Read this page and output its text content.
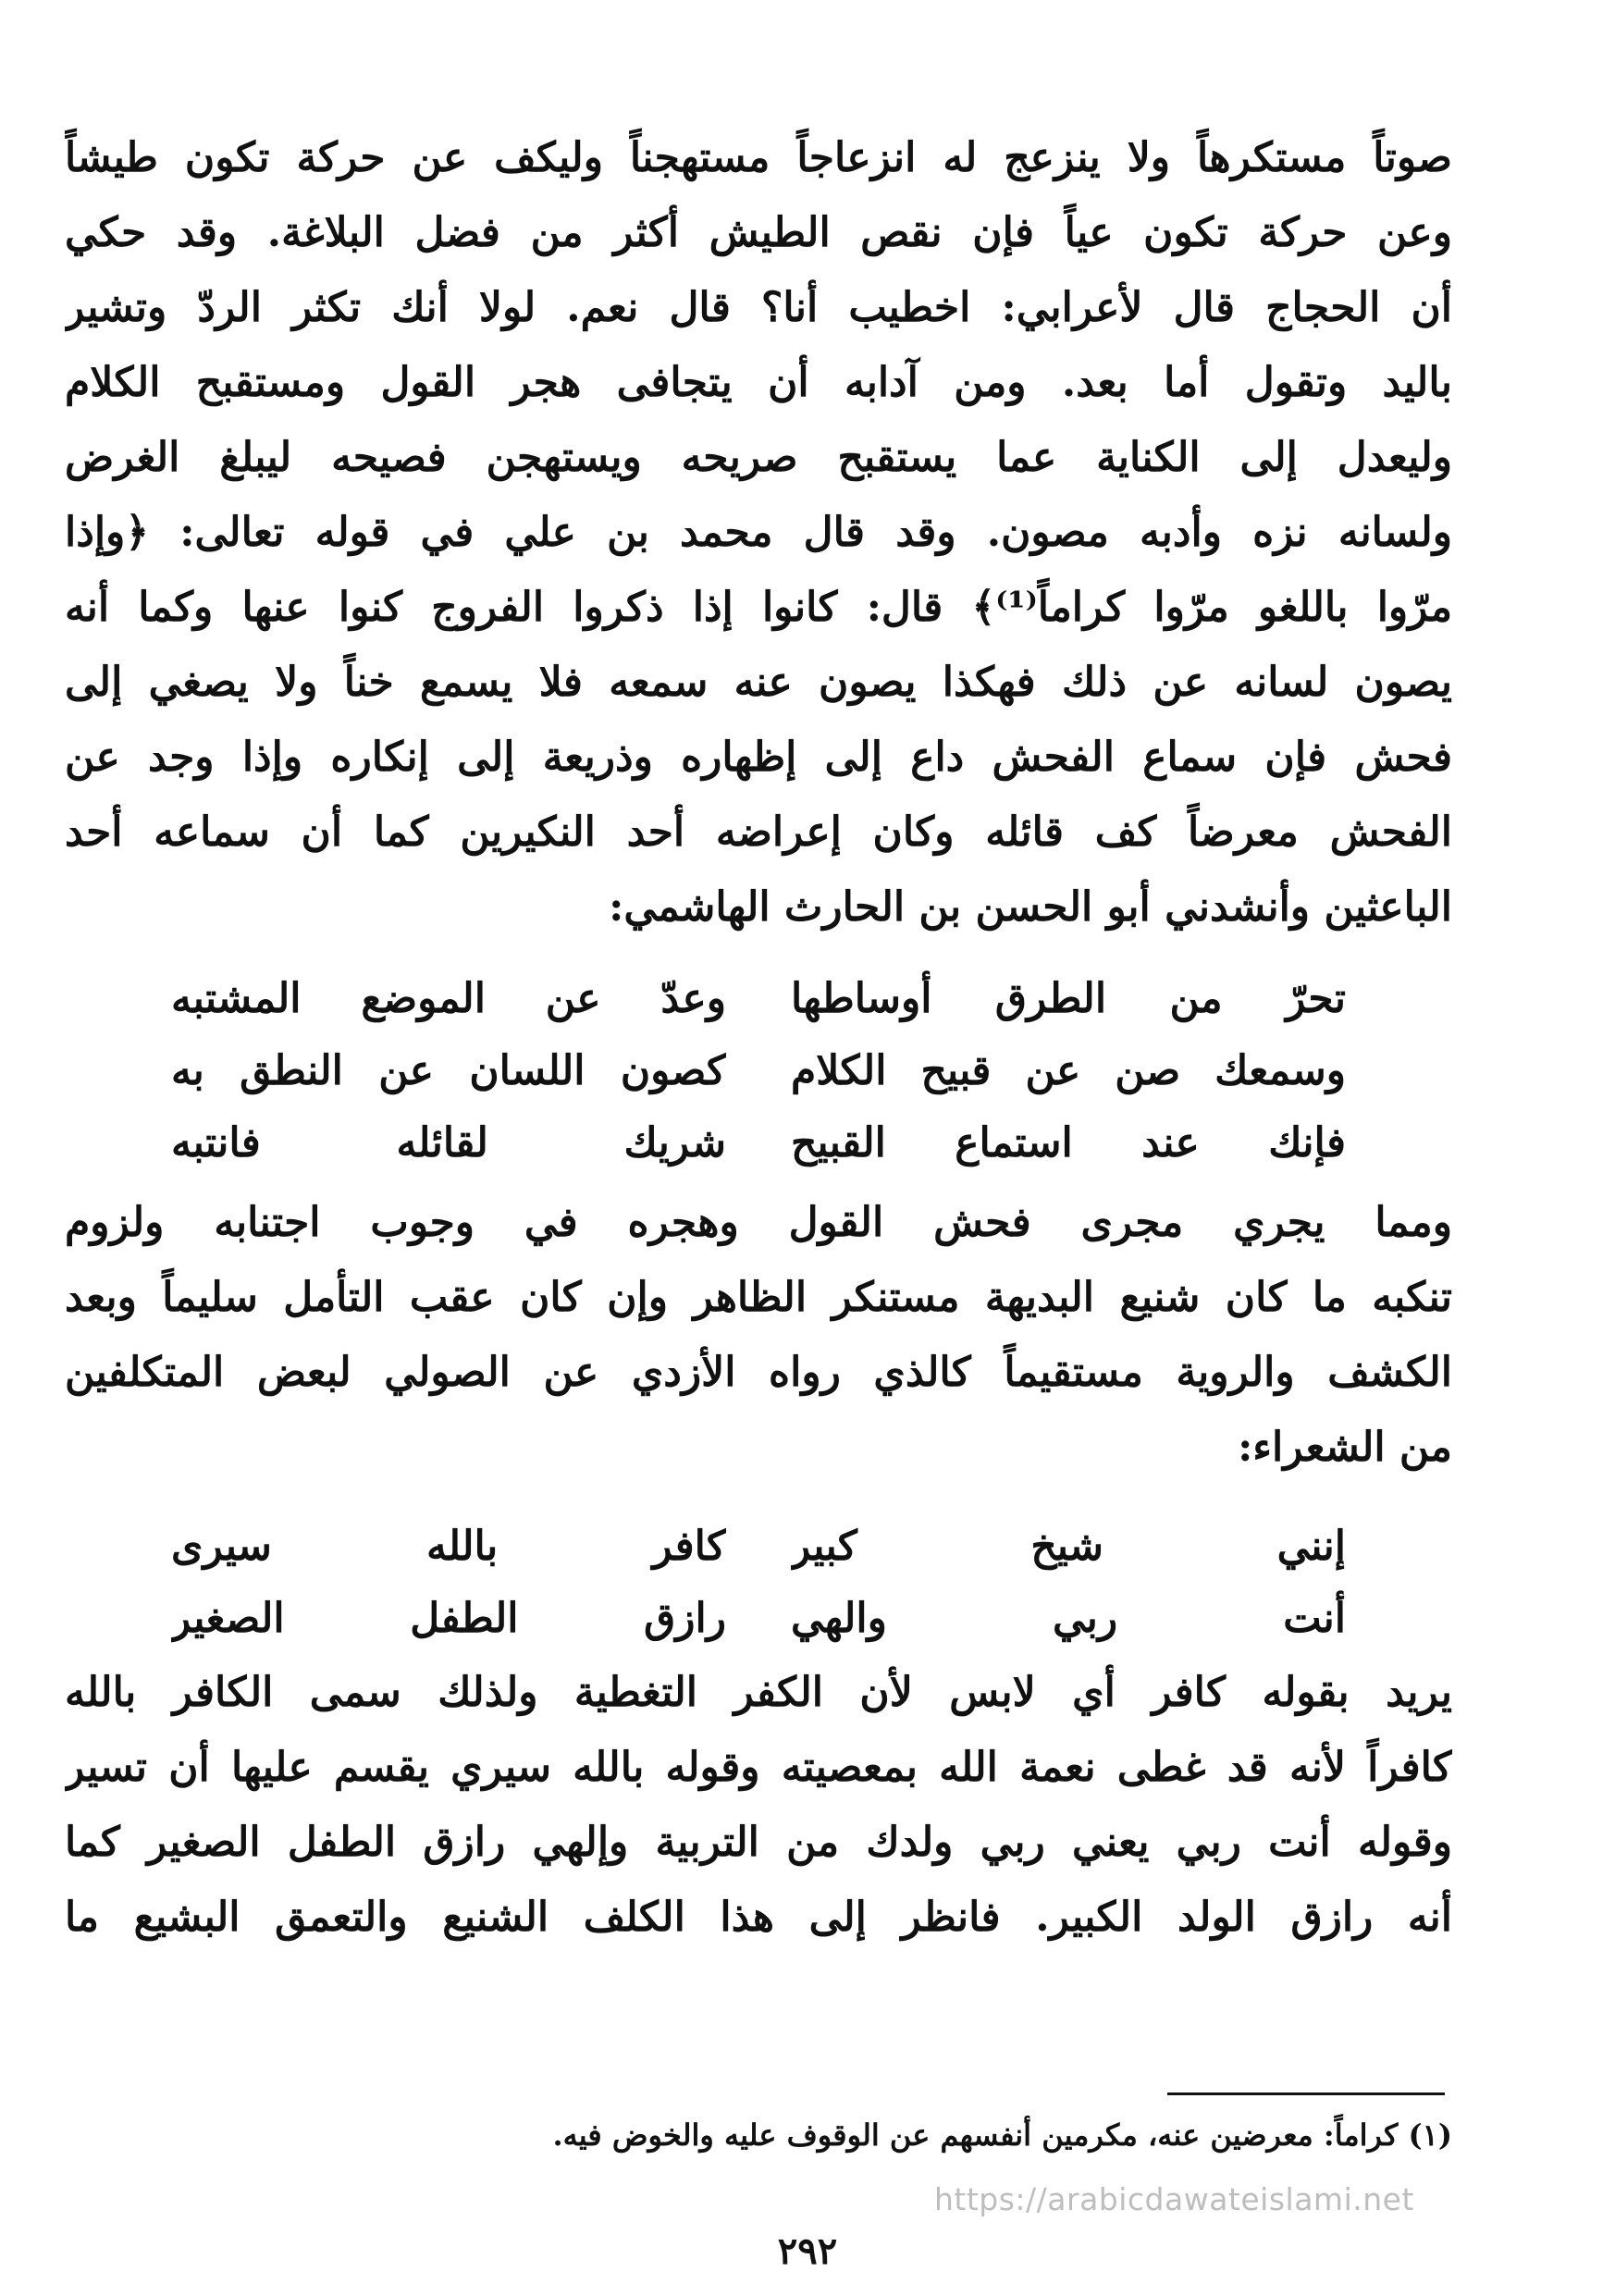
صوتاً مستكرهاً ولا ينزعج له انزعاجاً مستهجناً وليكف عن حركة تكون طيشاً
وعن حركة تكون عياً فإن نقص الطيش أكثر من فضل البلاغة. وقد حكي
أن الحجاج قال لأعرابي: اخطيب أنا؟ قال نعم. لولا أنك تكثر الردّ وتشير
باليد وتقول أما بعد. ومن آدابه أن يتجافى هجر القول ومستقبح الكلام
وليعدل إلى الكناية عما يستقبح صريحه ويستهجن فصيحه ليبلغ الغرض
ولسانه نزه وأدبه مصون. وقد قال محمد بن علي في قوله تعالى: ﴿وإذا
مرّوا باللغو مرّوا كراماً⁽¹⁾﴾ قال: كانوا إذا ذكروا الفروج كنوا عنها وكما أنه
يصون لسانه عن ذلك فهكذا يصون عنه سمعه فلا يسمع خناً ولا يصغي إلى
فحش فإن سماع الفحش داع إلى إظهاره وذريعة إلى إنكاره وإذا وجد عن
الفحش معرضاً كف قائله وكان إعراضه أحد النكيرين كما أن سماعه أحد
الباعثين وأنشدني أبو الحسن بن الحارث الهاشمي:
تحرّ من الطرق أوساطها
وعدّ عن الموضع المشتبه
وسمعك صن عن قبيح الكلام
كصون اللسان عن النطق به
فإنك عند استماع القبيح
شريك لقائله فانتبه
ومما يجري مجرى فحش القول وهجره في وجوب اجتنابه ولزوم
تنكبه ما كان شنيع البديهة مستنكر الظاهر وإن كان عقب التأمل سليماً وبعد
الكشف والروية مستقيماً كالذي رواه الأزدي عن الصولي لبعض المتكلفين
من الشعراء:
إنني شيخ كبير
كافر بالله سيرى
أنت ربي والهي
رازق الطفل الصغير
يريد بقوله كافر أي لابس لأن الكفر التغطية ولذلك سمى الكافر بالله
كافراً لأنه قد غطى نعمة الله بمعصيته وقوله بالله سيري يقسم عليها أن تسير
وقوله أنت ربي يعني ربي ولدك من التربية وإلهي رازق الطفل الصغير كما
أنه رازق الولد الكبير. فانظر إلى هذا الكلف الشنيع والتعمق البشيع ما
(١) كراماً: معرضين عنه، مكرمين أنفسهم عن الوقوف عليه والخوض فيه.
https://arabicdawateislami.net
٢٩٢
